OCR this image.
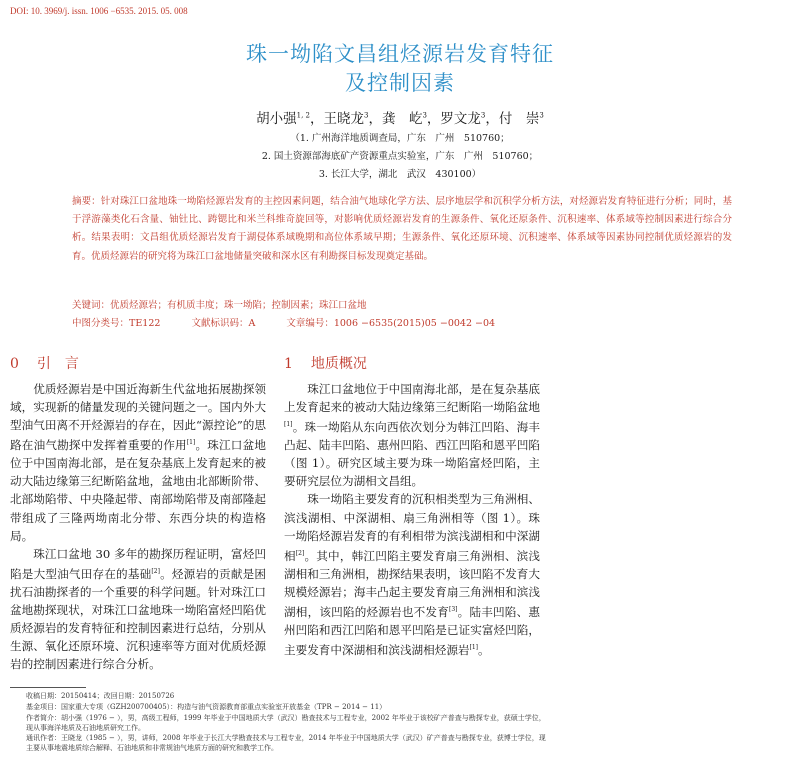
DOI: 10. 3969/j. issn. 1006 −6535. 2015. 05. 008
珠一坳陷文昌组烃源岩发育特征
及控制因素
胡小强$^{1, 2}$，王晓龙$^3$，龚　屹$^3$，罗文龙$^3$，付　崇$^3$
（1. 广州海洋地质调查局，广东　广州　510760；
2. 国土资源部海底矿产资源重点实验室，广东　广州　510760；
3. 长江大学，湖北　武汉　430100）
摘要：针对珠江口盆地珠一坳陷烃源岩发育的主控因素问题，结合油气地球化学方法、层序地层学和沉积学分析方法，对烃源岩发育特征进行分析；同时，基于浮游藻类化石含量、铀钍比、踌锶比和米兰科维奇旋回等，对影响优质烃源岩发育的生源条件、氧化还原条件、沉积速率、体系域等控制因素进行综合分析。结果表明：文昌组优质烃源岩发育于湖侵体系域晚期和高位体系域早期；生源条件、氧化还原环境、沉积速率、体系域等因素协同控制优质烃源岩的发育。优质烃源岩的研究将为珠江口盆地储量突破和深水区有利勘探目标发现奠定基础。
关键词：优质烃源岩；有机质丰度；珠一坳陷；控制因素；珠江口盆地
中图分类号：TE122	文献标识码：A	文章编号：1006 −6535(2015)05 −0042 −04
0 引　言	1 地质概况

优质烃源岩是中国近海新生代盆地拓展勘探领域，实现新的储量发现的关键问题之一。国内外大型油气田离不开烃源岩的存在，因此“源控论”的思路在油气勘探中发挥着重要的作用[1]。珠江口盆地位于中国南海北部，是在复杂基底上发育起来的被动大陆边缘第三纪断陷盆地，盆地由北部断阶带、北部坳陷带、中央隆起带、南部坳陷带及南部隆起带组成了三隆两坳南北分带、东西分块的构造格局。

珠江口盆地 30 多年的勘探历程证明，富烃凹陷是大型油气田存在的基础[2]。烃源岩的贡献是困扰石油勘探者的一个重要的科学问题。针对珠江口盆地勘探现状，对珠江口盆地珠一坳陷富烃凹陷优质烃源岩的发育特征和控制因素进行总结，分别从生源、氧化还原环境、沉积速率等方面对优质烃源岩的控制因素进行综合分析。

珠江口盆地位于中国南海北部，是在复杂基底上发育起来的被动大陆边缘第三纪断陷一坳陷盆地[1]。珠一坳陷从东向西依次划分为韩江凹陷、海丰凸起、陆丰凹陷、惠州凹陷、西江凹陷和恩平凹陷（图 1）。研究区域主要为珠一坳陷富烃凹陷，主要研究层位为湖相文昌组。

珠一坳陷主要发育的沉积相类型为三角洲相、滨浅湖相、中深湖相、扇三角洲相等（图 1）。珠一坳陷烃源岩发育的有利相带为滨浅湖相和中深湖相[2]。其中，韩江凹陷主要发育扇三角洲相、滨浅湖相和三角洲相，勘探结果表明，该凹陷不发育大规模烃源岩；海丰凸起主要发育扇三角洲相和滨浅湖相，该凹陷的烃源岩也不发育[3]。陆丰凹陷、惠州凹陷和西江凹陷和恩平凹陷是已证实富烃凹陷，主要发育中深湖相和滨浅湖相烃源岩[1]。

收稿日期：20150414；改回日期：20150726
基金项目：国家重大专项（GZH200700405）：构造与油气资源教育部重点实验室开放基金（TPR − 2014 − 11）
作者简介：胡小强（1976 − ），男，高级工程师，1999 年毕业于中国地质大学（武汉）勘查技术与工程专业，2002 年毕业于该校矿产普查与勘探专业，获硕士学位，现从事海洋地质及石油地质研究工作。
通讯作者：王晓龙（1985 − ），男，讲师，2008 年毕业于长江大学勘查技术与工程专业，2014 年毕业于中国地质大学（武汉）矿产普查与勘探专业，获博士学位，现主要从事地震地质综合解释、石油地质和非常规油气地质方面的研究和教学工作。
